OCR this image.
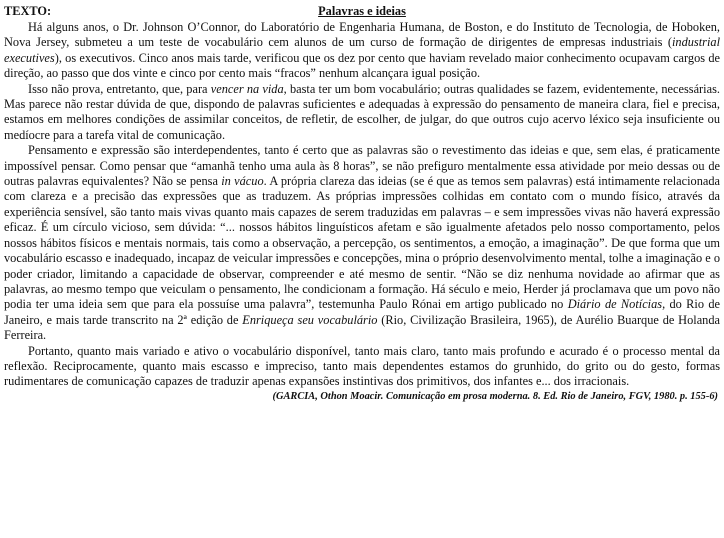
TEXTO:	Palavras e ideias

Há alguns anos, o Dr. Johnson O’Connor, do Laboratório de Engenharia Humana, de Boston, e do Instituto de Tecnologia, de Hoboken, Nova Jersey, submeteu a um teste de vocabulário cem alunos de um curso de formação de dirigentes de empresas industriais (industrial executives), os executivos. Cinco anos mais tarde, verificou que os dez por cento que haviam revelado maior conhecimento ocupavam cargos de direção, ao passo que dos vinte e cinco por cento mais “fracos” nenhum alcançara igual posição.

Isso não prova, entretanto, que, para vencer na vida, basta ter um bom vocabulário; outras qualidades se fazem, evidentemente, necessárias. Mas parece não restar dúvida de que, dispondo de palavras suficientes e adequadas à expressão do pensamento de maneira clara, fiel e precisa, estamos em melhores condições de assimilar conceitos, de refletir, de escolher, de julgar, do que outros cujo acervo léxico seja insuficiente ou medíocre para a tarefa vital de comunicação.

Pensamento e expressão são interdependentes, tanto é certo que as palavras são o revestimento das ideias e que, sem elas, é praticamente impossível pensar. Como pensar que “amanhã tenho uma aula às 8 horas”, se não prefiguro mentalmente essa atividade por meio dessas ou de outras palavras equivalentes? Não se pensa in vácuo. A própria clareza das ideias (se é que as temos sem palavras) está intimamente relacionada com clareza e a precisão das expressões que as traduzem. As próprias impressões colhidas em contato com o mundo físico, através da experiência sensível, são tanto mais vivas quanto mais capazes de serem traduzidas em palavras – e sem impressões vivas não haverá expressão eficaz. É um círculo vicioso, sem dúvida: “... nossos hábitos linguísticos afetam e são igualmente afetados pelo nosso comportamento, pelos nossos hábitos físicos e mentais normais, tais como a observação, a percepção, os sentimentos, a emoção, a imaginação”. De que forma que um vocabulário escasso e inadequado, incapaz de veicular impressões e concepções, mina o próprio desenvolvimento mental, tolhe a imaginação e o poder criador, limitando a capacidade de observar, compreender e até mesmo de sentir. “Não se diz nenhuma novidade ao afirmar que as palavras, ao mesmo tempo que veiculam o pensamento, lhe condicionam a formação. Há século e meio, Herder já proclamava que um povo não podia ter uma ideia sem que para ela possuíse uma palavra”, testemunha Paulo Rónai em artigo publicado no Diário de Notícias, do Rio de Janeiro, e mais tarde transcrito na 2ª edição de Enriqueça seu vocabulário (Rio, Civilização Brasileira, 1965), de Aurélio Buarque de Holanda Ferreira.

Portanto, quanto mais variado e ativo o vocabulário disponível, tanto mais claro, tanto mais profundo e acurado é o processo mental da reflexão. Reciprocamente, quanto mais escasso e impreciso, tanto mais dependentes estamos do grunhido, do grito ou do gesto, formas rudimentares de comunicação capazes de traduzir apenas expansões instintivas dos primitivos, dos infantes e... dos irracionais.

(GARCIA, Othon Moacir. Comunicação em prosa moderna. 8. Ed. Rio de Janeiro, FGV, 1980. p. 155-6)
